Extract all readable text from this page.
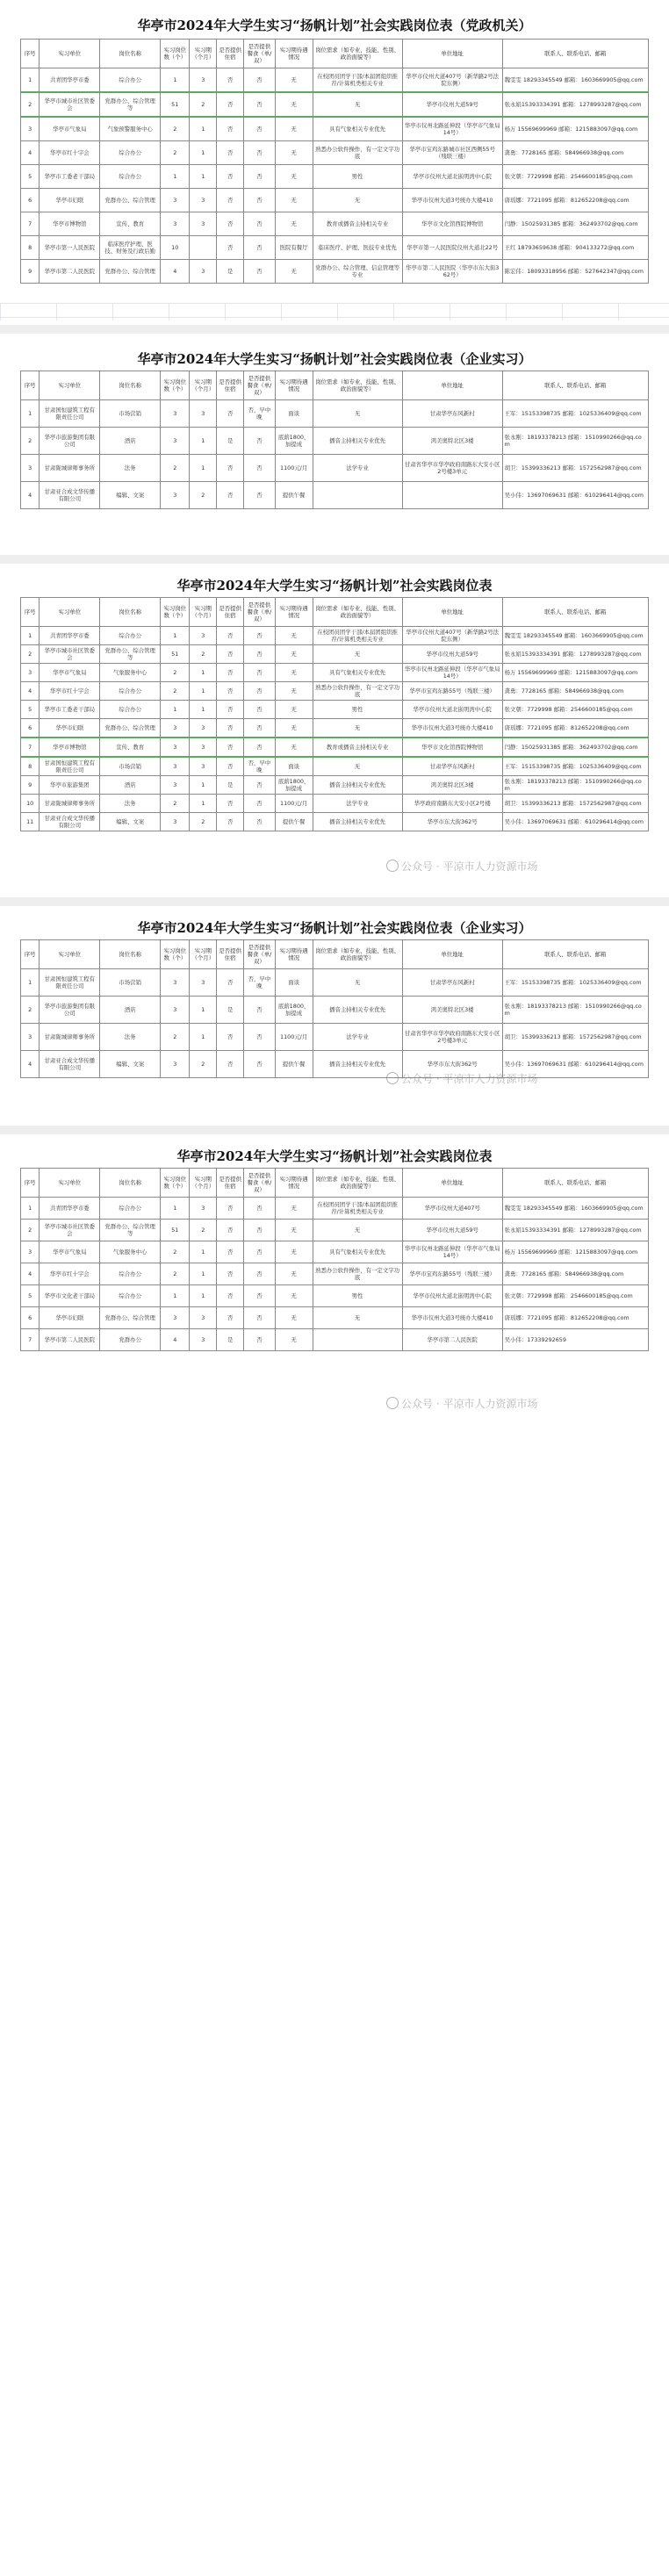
华亭市2024年大学生实习“扬帆计划”社会实践岗位表（党政机关）
序号	实习单位	岗位名称	实习岗位数（个）	实习期（个月）	是否提供住宿	是否提供餐食（单/双）	实习期待遇情况	岗位需求（如专业、技能、性别、政治面貌等）	单位地址	联系人、联系电话、邮箱
1	共青团华亭市委	综合办公	1	3	否	否	无	在校团员团学干部/本届团组织推荐/计算机类相关专业	华亭市仪州大道407号（新华路2号法院东侧）	魏雯雯 18293345549 邮箱：1603669905@qq.com
2	华亭市城市社区管委会	党群办公、综合管理等	51	2	否	否	无	无	华亭市仪州大道59号	张永娟15393334391 邮箱：1278993287@qq.com
3	华亭市气象局	气象预警服务中心	2	1	否	否	无	具有气象相关专业优先	华亭市仪州北路延伸段（华亭市气象局14号）	杨万 15569699969 邮箱：1215883097@qq.com
4	华亭市红十字会	综合办公	2	1	否	否	无	熟悉办公软件操作，有一定文字功底	华亭市宝鸡东路城市社区西侧55号（残联三楼）	龚勇：7728165 邮箱：584966938@qq.com
5	华亭市工委老干部局	综合办公	1	1	否	否	无	男性	华亭市仪州大道北嵌明湾中心院	张文朝：7729998 邮箱：2546600185@qq.com
6	华亭市妇联	党群办公、综合管理	3	3	否	否	无	无	华亭市仪州大道3号统办大楼410	唐瑶娜：7721095 邮箱：812652208@qq.com
7	华亭市博物馆	宣传、教育	3	3	否	否	无	教育或播音主持相关专业	华亭市文化馆西院博物馆	闫静：15025931385 邮箱：362493702@qq.com
8	华亭市第一人民医院	临床医疗护理、医技、财务及行政后勤	10		否	否	医院有餐厅	临床医疗、护理、医技专业优先	华亭市第一人民医院仪州大道北22号	王红 18793659638 邮箱：904133272@qq.com
9	华亭市第二人民医院	党群办公、综合管理	4	3	是	否	无	党群办公、综合管理、信息管理等专业	华亭市第二人民医院（华亭市东大街362号）	陈宏伟：18093318956 邮箱：527642347@qq.com
华亭市2024年大学生实习“扬帆计划”社会实践岗位表（企业实习）
序号	实习单位	岗位名称	实习岗位数（个）	实习期（个月）	是否提供住宿	是否提供餐食（单/双）	实习期待遇情况	岗位需求（如专业、技能、性别、政治面貌等）	单位地址	联系人、联系电话、邮箱
1	甘肃国恒建筑工程有限责任公司	市场营销	3	3	否	否，早中晚	面谈	无	甘肃华亭东风新村	王军：15153398735 邮箱：1025336409@qq.com
2	华亭市旅游集团有限公司	酒店	3	1	是	否	底薪1800，加提成	播音主持相关专业优先	鸿美奥特北区3楼	张永刚：18193378213 邮箱：1510990266@qq.com
3	甘肃陇城律师事务所	法务	2	1	否	否	1100元/月	法学专业	甘肃省华亭市华亭政府南路东大安小区2号楼3单元	胡卫：15399336213 邮箱：1572562987@qq.com
4	甘肃亚合成文华传播有限公司	编辑、文案	3	2	否	否	提供午餐			吴小伟：13697069631 邮箱：610296414@qq.com
华亭市2024年大学生实习“扬帆计划”社会实践岗位表
序号	实习单位	岗位名称	实习岗位数（个）	实习期（个月）	是否提供住宿	是否提供餐食（单/双）	实习期待遇情况	岗位需求（如专业、技能、性别、政治面貌等）	单位地址	联系人、联系电话、邮箱
1	共青团华亭市委	综合办公	1	3	否	否	无	在校团员团学干部/本届团组织推荐/计算机类相关专业	华亭市仪州大道407号（新华路2号法院东侧）	魏雯雯 18293345549 邮箱：1603669905@qq.com
2	华亭市城市社区管委会	党群办公、综合管理等	51	2	否	否	无	无	华亭市仪州大道59号	张永娟15393334391 邮箱：1278993287@qq.com
3	华亭市气象局	气象服务中心	2	1	否	否	无	具有气象相关专业优先	华亭市仪州北路延伸段（华亭市气象局14号）	杨万 15569699969 邮箱：1215883097@qq.com
4	华亭市红十字会	综合办公	2	1	否	否	无	熟悉办公软件操作，有一定文字功底	华亭市宝鸡东路55号（残联三楼）	龚勇：7728165 邮箱：584966938@qq.com
5	华亭市工委老干部局	综合办公	1	1	否	否	无	男性	华亭市仪州大道北嵌明湾中心院	张文朝：7729998 邮箱：2546600185@qq.com
6	华亭市妇联	党群办公、综合管理	3	3	否	否	无	无	华亭市仪州大道3号统办大楼410	唐瑶娜：7721095 邮箱：812652208@qq.com
7	华亭市博物馆	宣传、教育	3	3	否	否	无	教育或播音主持相关专业	华亭市文化馆西院博物馆	闫静：15025931385 邮箱：362493702@qq.com
8	甘肃国恒建筑工程有限责任公司	市场营销	3	3	否	否，早中晚	面谈	无	甘肃华亭东风新村	王军：15153398735 邮箱：1025336409@qq.com
9	华亭市旅游集团	酒店	3	1	是	否	底薪1800，加提成	播音主持相关专业优先	鸿美奥特北区3楼	张永刚：18193378213 邮箱：1510990266@qq.com
10	甘肃陇城律师事务所	法务	2	1	否	否	1100元/月	法学专业	华亭政府南路东大安小区2号楼	胡卫：15399336213 邮箱：1572562987@qq.com
11	甘肃亚合成文华传播有限公司	编辑、文案	3	2	否	否	提供午餐	播音主持相关专业优先	华亭市东大街362号	吴小伟：13697069631 邮箱：610296414@qq.com
公众号 · 平凉市人力资源市场
华亭市2024年大学生实习“扬帆计划”社会实践岗位表（企业实习）
序号	实习单位	岗位名称	实习岗位数（个）	实习期（个月）	是否提供住宿	是否提供餐食（单/双）	实习期待遇情况	岗位需求（如专业、技能、性别、政治面貌等）	单位地址	联系人、联系电话、邮箱
1	甘肃国恒建筑工程有限责任公司	市场营销	3	3	否	否，早中晚	面谈	无	甘肃华亭东风新村	王军：15153398735 邮箱：1025336409@qq.com
2	华亭市旅游集团有限公司	酒店	3	1	是	否	底薪1800，加提成	播音主持相关专业优先	鸿美奥特北区3楼	张永刚：18193378213 邮箱：1510990266@qq.com
3	甘肃陇城律师事务所	法务	2	1	否	否	1100元/月	法学专业	甘肃省华亭市华亭政府南路东大安小区2号楼3单元	胡卫：15399336213 邮箱：1572562987@qq.com
4	甘肃亚合成文华传播有限公司	编辑、文案	3	2	否	否	提供午餐	播音主持相关专业优先	华亭市东大街362号	吴小伟：13697069631 邮箱：610296414@qq.com
公众号 · 平凉市人力资源市场
华亭市2024年大学生实习“扬帆计划”社会实践岗位表
序号	实习单位	岗位名称	实习岗位数（个）	实习期（个月）	是否提供住宿	是否提供餐食（单/双）	实习期待遇情况	岗位需求（如专业、技能、性别、政治面貌等）	单位地址	联系人、联系电话、邮箱
1	共青团华亭市委	综合办公	1	3	否	否	无	在校团员团学干部/本届团组织推荐/计算机类相关专业	华亭市仪州大道407号	魏雯雯 18293345549 邮箱：1603669905@qq.com
2	华亭市城市社区管委会	党群办公、综合管理等	51	2	否	否	无	无	华亭市仪州大道59号	张永娟15393334391 邮箱：1278993287@qq.com
3	华亭市气象局	气象服务中心	2	1	否	否	无	具有气象相关专业优先	华亭市仪州北路延伸段（华亭市气象局14号）	杨万 15569699969 邮箱：1215883097@qq.com
4	华亭市红十字会	综合办公	2	1	否	否	无	熟悉办公软件操作，有一定文字功底	华亭市宝鸡东路55号（残联三楼）	龚勇：7728165 邮箱：584966938@qq.com
5	华亭市文化老干部局	综合办公	1	1	否	否	无	男性	华亭市仪州大道北嵌明湾中心院	张文朝：7729998 邮箱：2546600185@qq.com
6	华亭市妇联	党群办公、综合管理	3	3	否	否	无	无	华亭市仪州大道3号统办大楼410	唐瑶娜：7721095 邮箱：812652208@qq.com
7	华亭市第二人民医院	党群办公	4	3	是	否	无		华亭市第二人民医院	吴小伟：17339292659
公众号 · 平凉市人力资源市场
